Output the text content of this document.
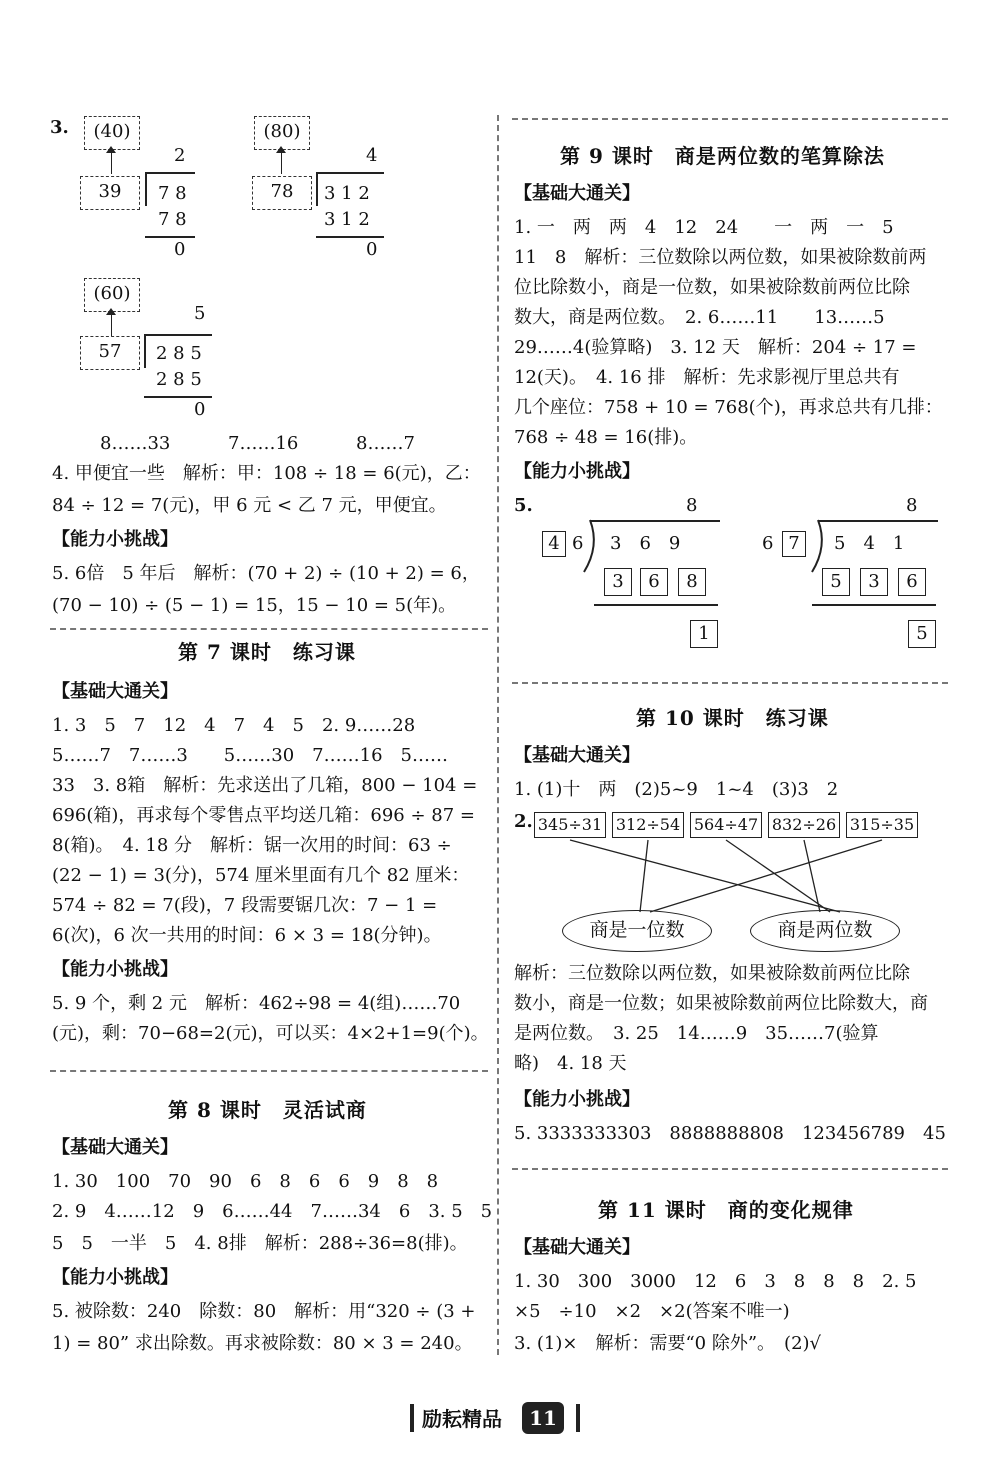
3.	(40)
2
39	7 8
7 8
0
(80)
4
78	3 1 2
3 1 2
0
(60)
5
57	2 8 5
2 8 5
0
8……33	7……16	8……7
4. 甲便宜一些　解析：甲：108 ÷ 18 = 6(元)，乙：
84 ÷ 12 = 7(元)，甲 6 元 < 乙 7 元，甲便宜。
【能力小挑战】
5. 6倍　5 年后　解析：(70 + 2) ÷ (10 + 2) = 6，
(70 − 10) ÷ (5 − 1) = 15，15 − 10 = 5(年)。
第 7 课时　练习课
【基础大通关】
1. 3　5　7　12　4　7　4　5　2. 9……28
5……7　7……3　　5……30　7……16　5……
33　3. 8箱　解析：先求送出了几箱，800 − 104 =
696(箱)，再求每个零售点平均送几箱：696 ÷ 87 =
8(箱)。　4. 18 分　解析：锯一次用的时间：63 ÷
(22 − 1) = 3(分)，574 厘米里面有几个 82 厘米：
574 ÷ 82 = 7(段)，7 段需要锯几次：7 − 1 =
6(次)，6 次一共用的时间：6 × 3 = 18(分钟)。
【能力小挑战】
5. 9 个，剩 2 元　解析：462÷98 = 4(组)……70
(元)，剩：70−68=2(元)，可以买：4×2+1=9(个)。
第 8 课时　灵活试商
【基础大通关】
1. 30　100　70　90　6　8　6　6　9　8　8
2. 9　4……12　9　6……44　7……34　6　3. 5　5
5　5　一半　5　4. 8排　解析：288÷36=8(排)。
【能力小挑战】
5. 被除数：240　除数：80　解析：用“320 ÷ (3 +
1) = 80” 求出除数。再求被除数：80 × 3 = 240。
第 9 课时　商是两位数的笔算除法
【基础大通关】
1. 一　两　两　4　12　24　　一　两　一　5
11　8　解析：三位数除以两位数，如果被除数前两
位比除数小，商是一位数，如果被除数前两位比除
数大，商是两位数。　2. 6……11　　13……5
29……4(验算略)　3. 12 天　解析：204 ÷ 17 =
12(天)。　4. 16 排　解析：先求影视厅里总共有
几个座位：758 + 10 = 768(个)，再求总共有几排：
768 ÷ 48 = 16(排)。
【能力小挑战】
5.	8
4 6 3　6　9
3	6	8
1
8
6 7	5　4　1
5	3	6
5
第 10 课时　练习课
【基础大通关】
1. (1)十　两　(2)5~9　1~4　(3)3　2
2. 345÷31 312÷54 564÷47 832÷26 315÷35
商是一位数	商是两位数
解析：三位数除以两位数，如果被除数前两位比除
数小，商是一位数；如果被除数前两位比除数大，商
是两位数。　3. 25　14……9　35……7(验算
略)　4. 18 天
【能力小挑战】
5. 3333333303　8888888808　123456789　45
第 11 课时　商的变化规律
【基础大通关】
1. 30　300　3000　12　6　3　8　8　8　2. 5
×5　÷10　×2　×2(答案不唯一)
3. (1)×　解析：需要“0 除外”。　(2)√
励耘精品	11
